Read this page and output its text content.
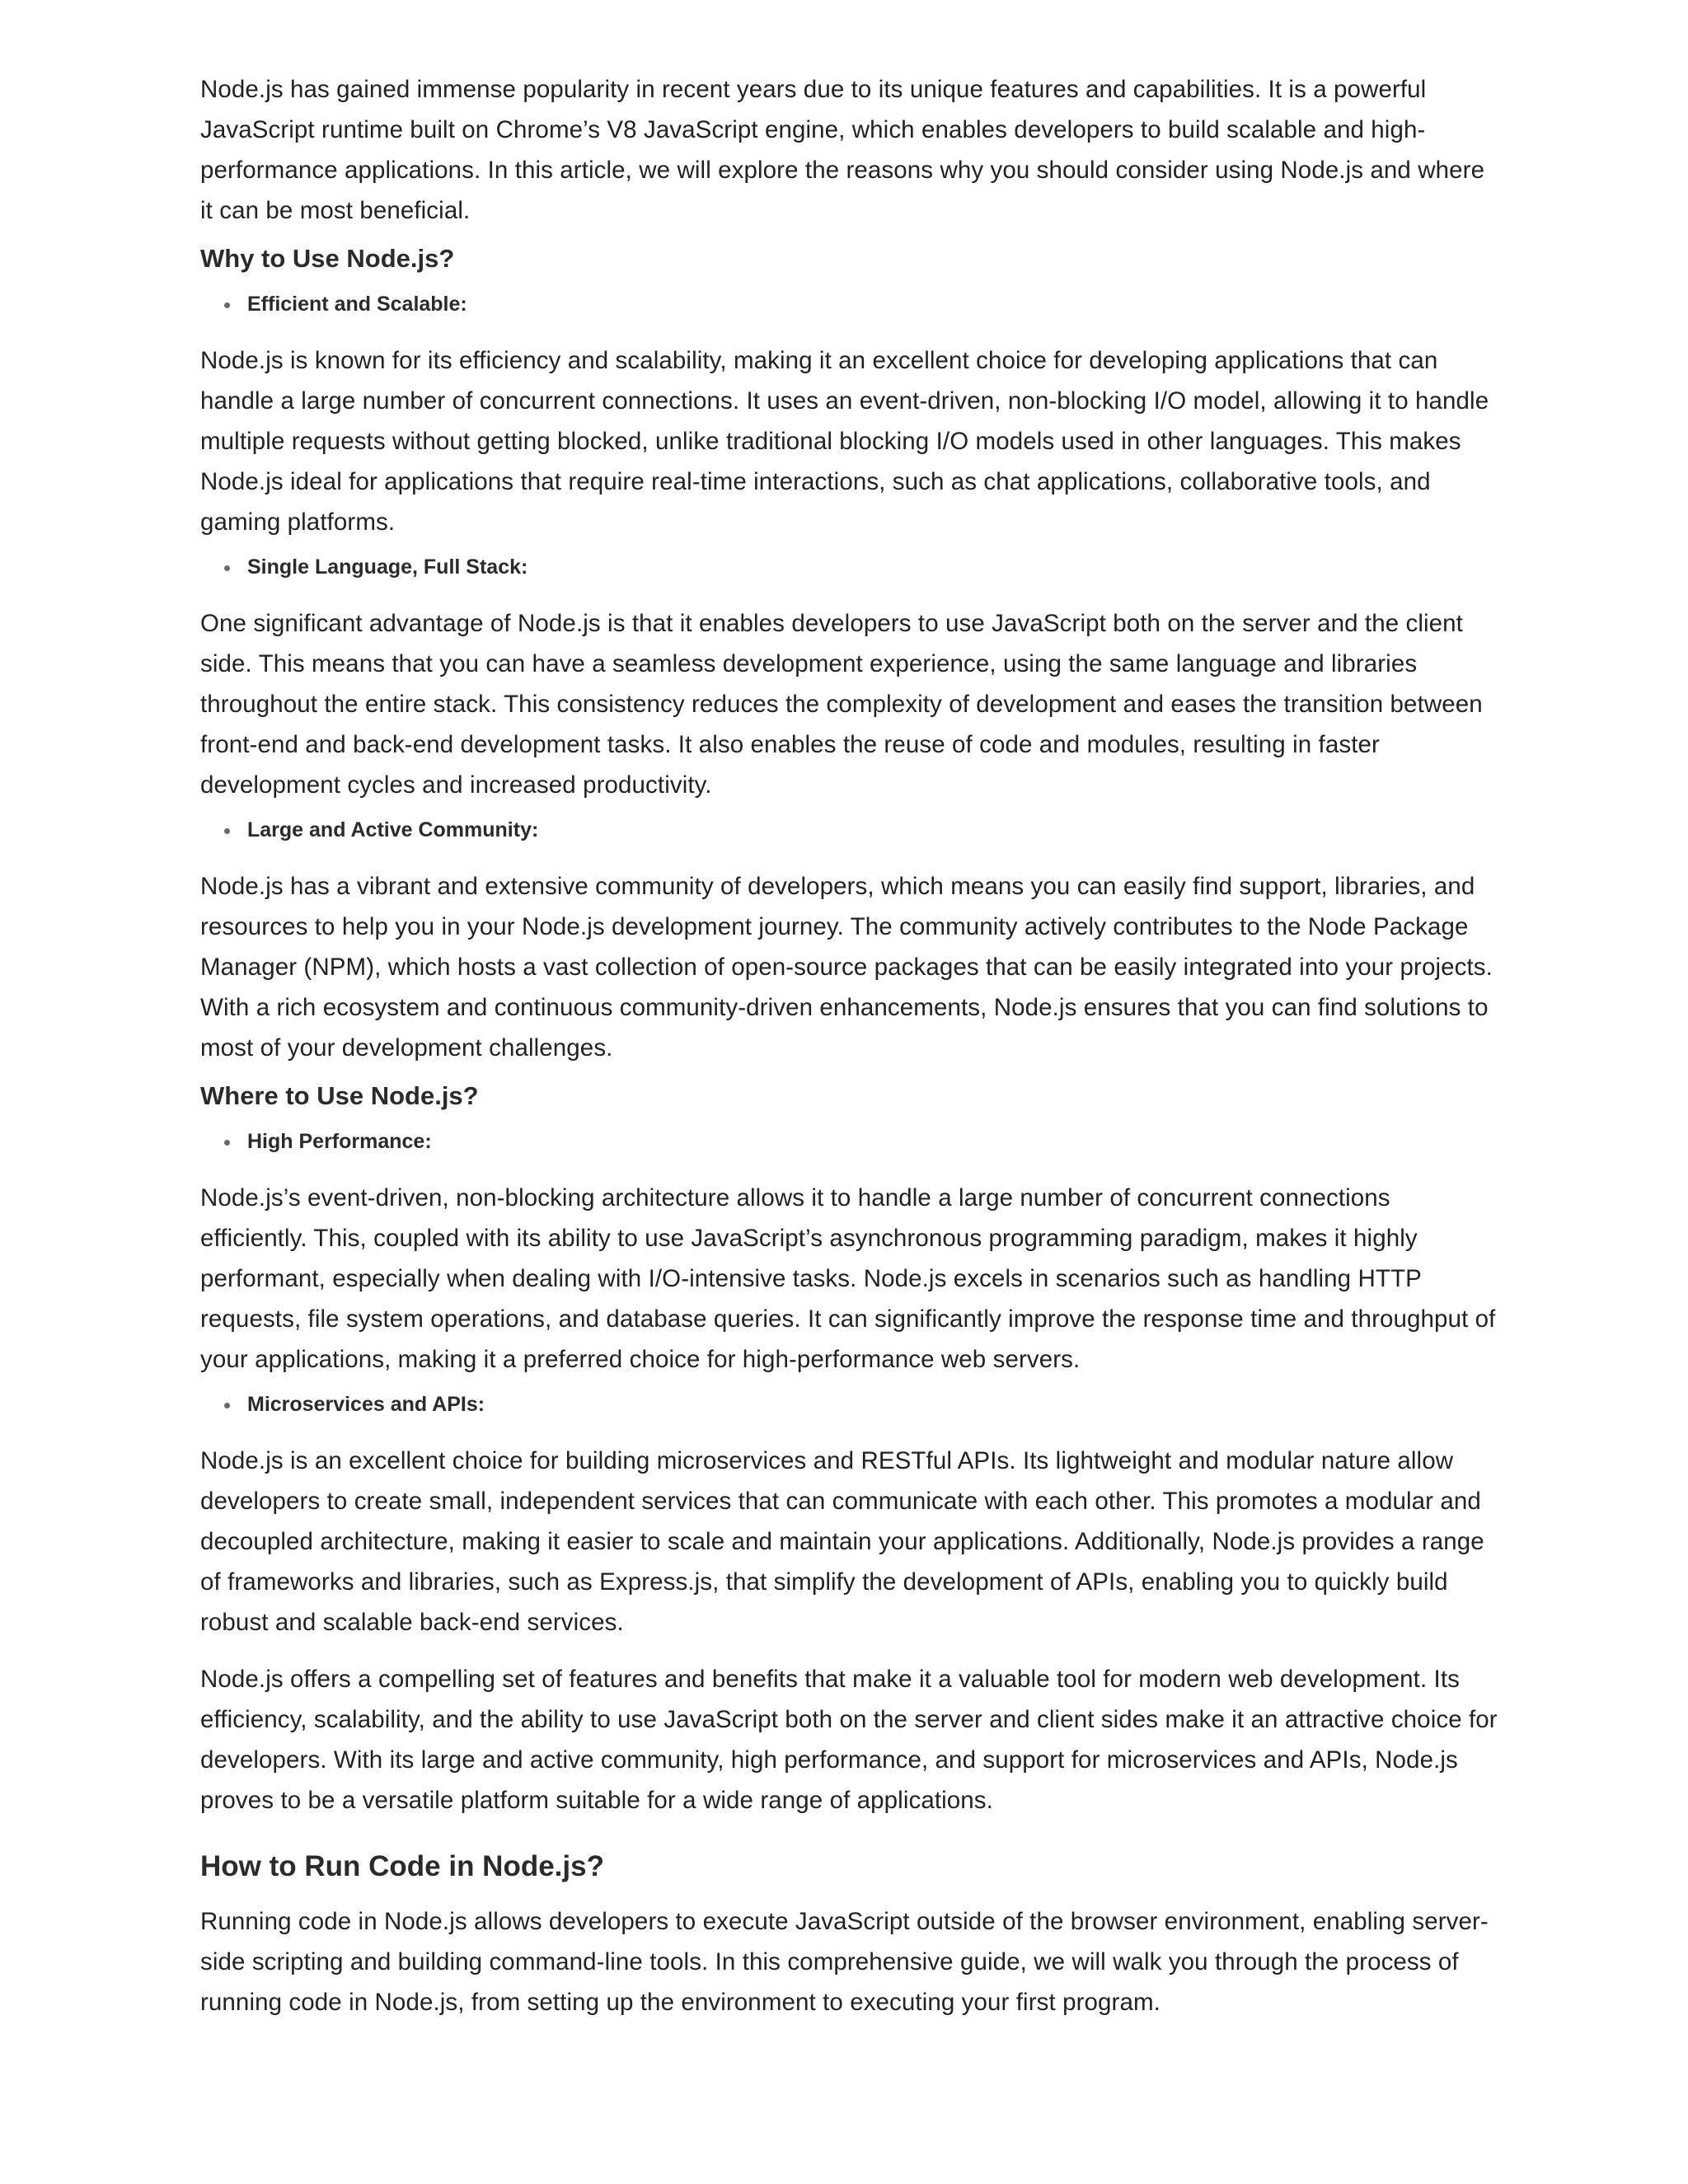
Node.js has gained immense popularity in recent years due to its unique features and capabilities. It is a powerful JavaScript runtime built on Chrome’s V8 JavaScript engine, which enables developers to build scalable and high-performance applications. In this article, we will explore the reasons why you should consider using Node.js and where it can be most beneficial.

Why to Use Node.js?
Efficient and Scalable:

Node.js is known for its efficiency and scalability, making it an excellent choice for developing applications that can handle a large number of concurrent connections. It uses an event-driven, non-blocking I/O model, allowing it to handle multiple requests without getting blocked, unlike traditional blocking I/O models used in other languages. This makes Node.js ideal for applications that require real-time interactions, such as chat applications, collaborative tools, and gaming platforms.

Single Language, Full Stack:

One significant advantage of Node.js is that it enables developers to use JavaScript both on the server and the client side. This means that you can have a seamless development experience, using the same language and libraries throughout the entire stack. This consistency reduces the complexity of development and eases the transition between front-end and back-end development tasks. It also enables the reuse of code and modules, resulting in faster development cycles and increased productivity.

Large and Active Community:

Node.js has a vibrant and extensive community of developers, which means you can easily find support, libraries, and resources to help you in your Node.js development journey. The community actively contributes to the Node Package Manager (NPM), which hosts a vast collection of open-source packages that can be easily integrated into your projects. With a rich ecosystem and continuous community-driven enhancements, Node.js ensures that you can find solutions to most of your development challenges.

Where to Use Node.js?
High Performance:

Node.js’s event-driven, non-blocking architecture allows it to handle a large number of concurrent connections efficiently. This, coupled with its ability to use JavaScript’s asynchronous programming paradigm, makes it highly performant, especially when dealing with I/O-intensive tasks. Node.js excels in scenarios such as handling HTTP requests, file system operations, and database queries. It can significantly improve the response time and throughput of your applications, making it a preferred choice for high-performance web servers.

Microservices and APIs:

Node.js is an excellent choice for building microservices and RESTful APIs. Its lightweight and modular nature allow developers to create small, independent services that can communicate with each other. This promotes a modular and decoupled architecture, making it easier to scale and maintain your applications. Additionally, Node.js provides a range of frameworks and libraries, such as Express.js, that simplify the development of APIs, enabling you to quickly build robust and scalable back-end services.

Node.js offers a compelling set of features and benefits that make it a valuable tool for modern web development. Its efficiency, scalability, and the ability to use JavaScript both on the server and client sides make it an attractive choice for developers. With its large and active community, high performance, and support for microservices and APIs, Node.js proves to be a versatile platform suitable for a wide range of applications.

How to Run Code in Node.js?

Running code in Node.js allows developers to execute JavaScript outside of the browser environment, enabling server-side scripting and building command-line tools. In this comprehensive guide, we will walk you through the process of running code in Node.js, from setting up the environment to executing your first program.
